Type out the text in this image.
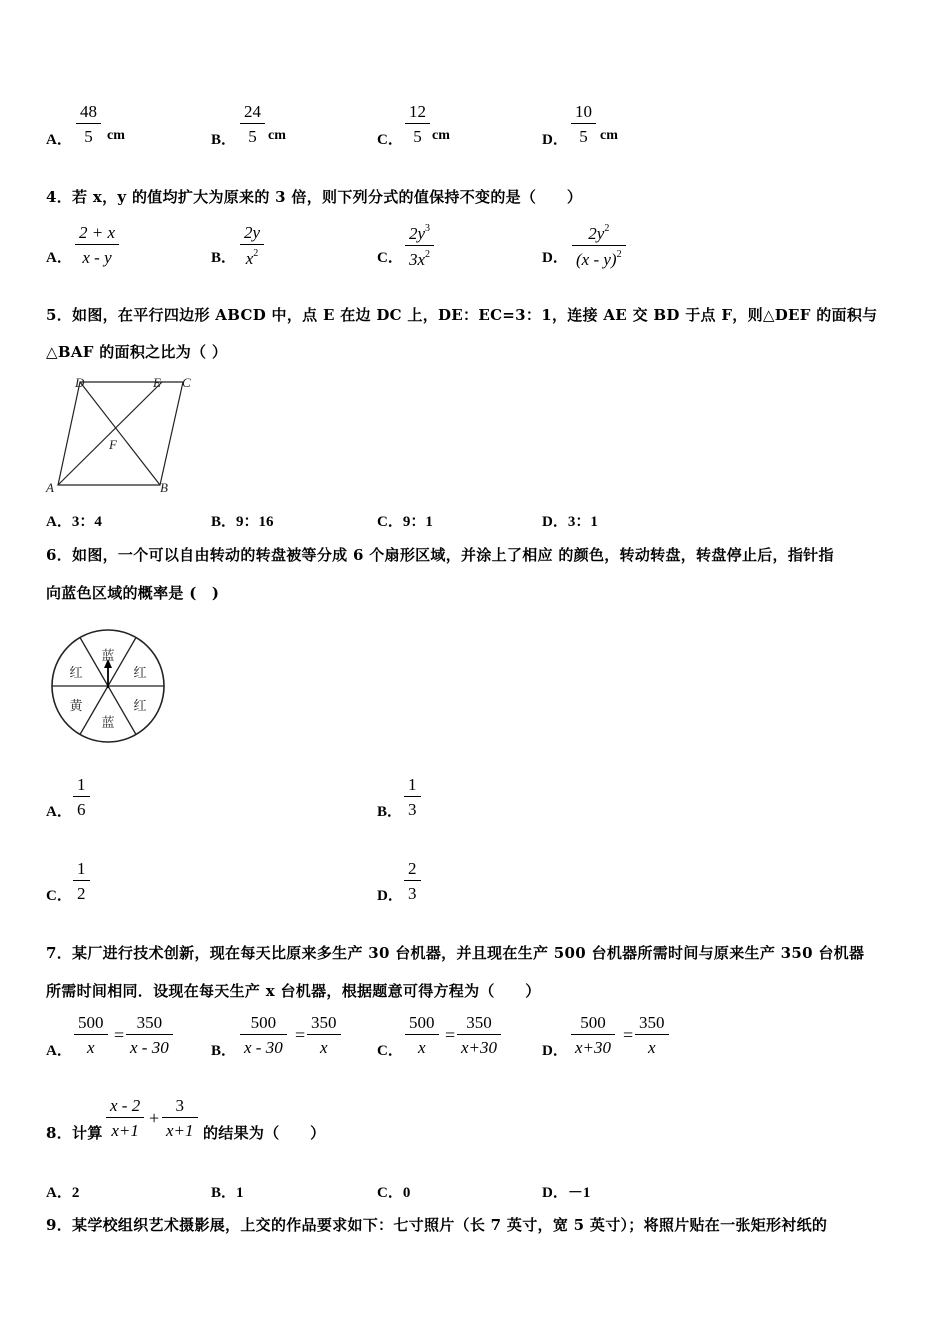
A．
48
5 cm	B．
24
5 cm	C．
12
5 cm	D．
10
5 cm
4．若 x，y 的值均扩大为原来的 3 倍，则下列分式的值保持不变的是（　　）
A．
2 + x
x - y	B．
2y
$x^2$	C．
$2y^3$
$3x^2$	D．
$2y^2$
(x - y)$^2$
5．如图，在平行四边形 ABCD 中，点 E 在边 DC 上，DE：EC=3：1，连接 AE 交 BD 于点 F，则△DEF 的面积与
△BAF 的面积之比为（ ）
D	E C
F
A	B
A．3：4	B．9：16	C．9：1	D．3：1
6．如图，一个可以自由转动的转盘被等分成 6 个扇形区域，并涂上了相应 的颜色，转动转盘，转盘停止后，指针指
向蓝色区域的概率是 (　)
蓝
红
红
蓝
黄
红
A．
1
6	B．
1
3
C．
1
2	D．
2
3
7．某厂进行技术创新，现在每天比原来多生产 30 台机器，并且现在生产 500 台机器所需时间与原来生产 350 台机器
所需时间相同．设现在每天生产 x 台机器，根据题意可得方程为（　　）
A．
500
x
=
350
x - 30	B．
500
x - 30
=
350
x	C．
500
x
=
350
x+30	D．
500
x+30
=
350
x
8．计算
x - 2
x+1
+
3
x+1 的结果为（　　）
A．2	B．1	C．0	D．－1
9．某学校组织艺术摄影展，上交的作品要求如下：七寸照片（长 7 英寸，宽 5 英寸）；将照片贴在一张矩形衬纸的
